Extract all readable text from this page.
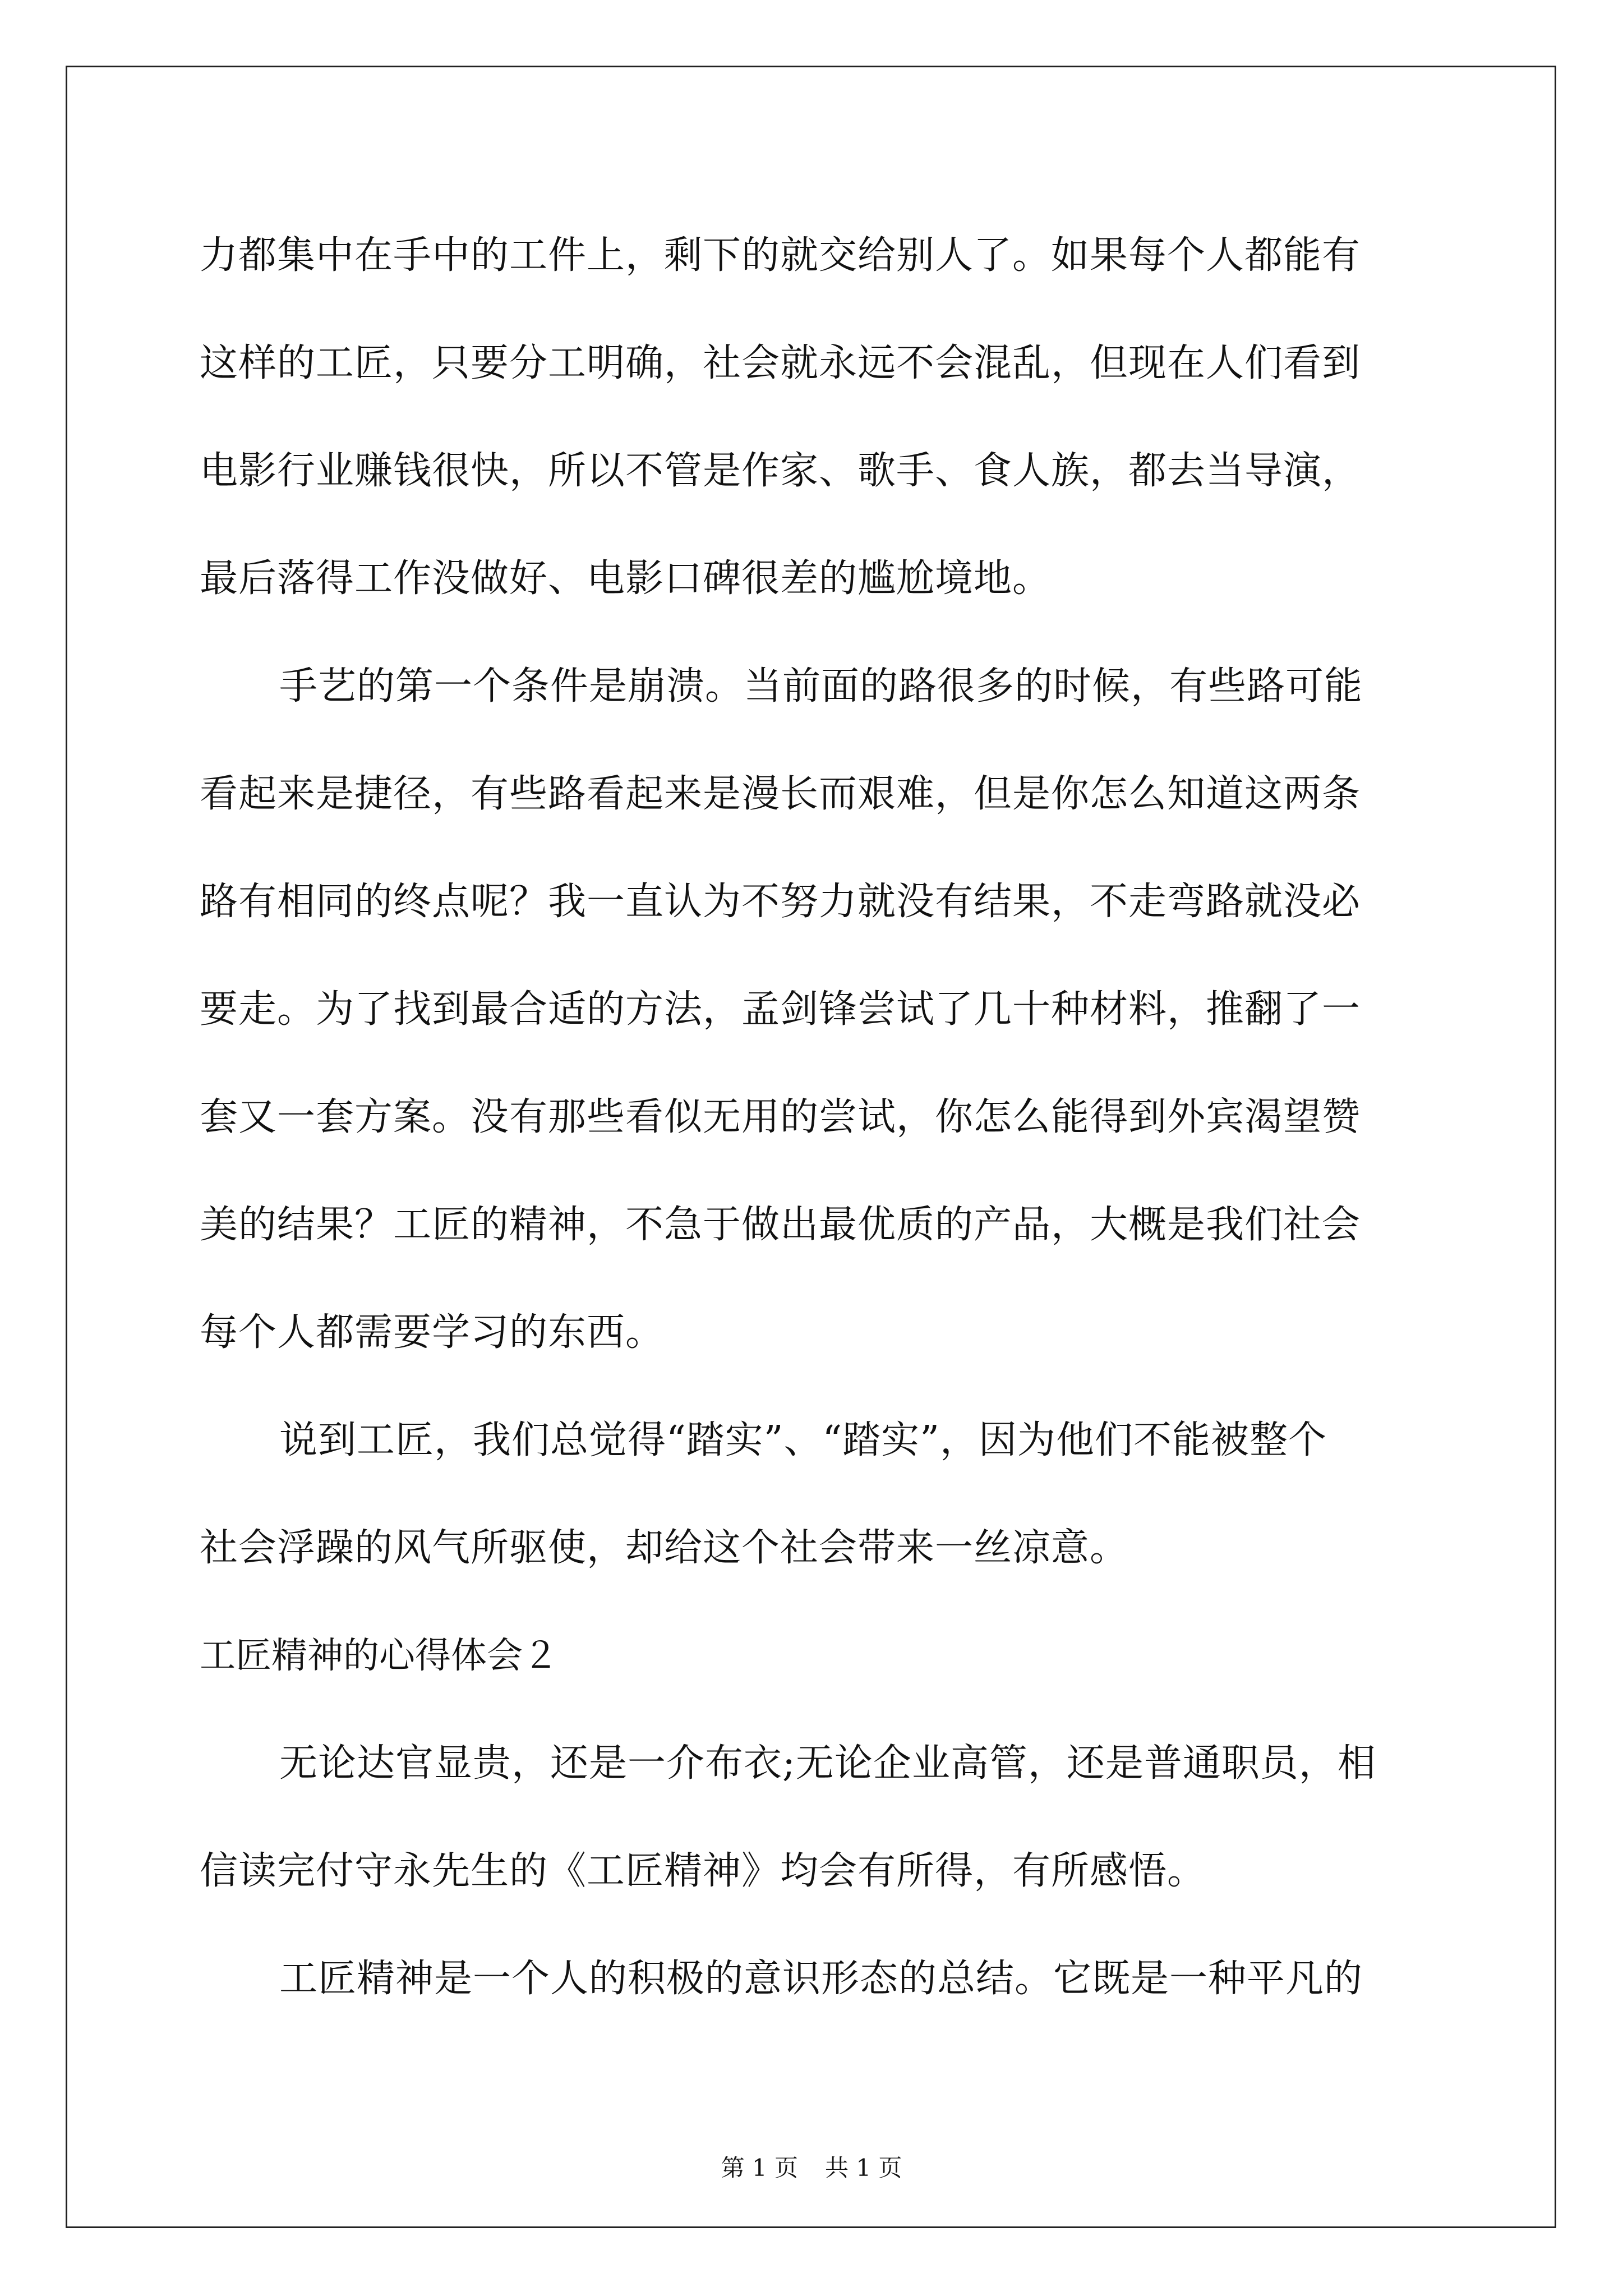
力都集中在手中的工件上，剩下的就交给别人了。如果每个人都能有
这样的工匠，只要分工明确，社会就永远不会混乱，但现在人们看到
电影行业赚钱很快，所以不管是作家、歌手、食人族，都去当导演，
最后落得工作没做好、电影口碑很差的尴尬境地。
手艺的第一个条件是崩溃。当前面的路很多的时候，有些路可能
看起来是捷径，有些路看起来是漫长而艰难，但是你怎么知道这两条
路有相同的终点呢？我一直认为不努力就没有结果，不走弯路就没必
要走。为了找到最合适的方法，孟剑锋尝试了几十种材料，推翻了一
套又一套方案。没有那些看似无用的尝试，你怎么能得到外宾渴望赞
美的结果？工匠的精神，不急于做出最优质的产品，大概是我们社会
每个人都需要学习的东西。
说到工匠，我们总觉得“踏实”、“踏实”，因为他们不能被整个
社会浮躁的风气所驱使，却给这个社会带来一丝凉意。
工匠精神的心得体会２
无论达官显贵，还是一介布衣;无论企业高管，还是普通职员，相
信读完付守永先生的《工匠精神》均会有所得，有所感悟。
工匠精神是一个人的积极的意识形态的总结。它既是一种平凡的
第 1 页 共 1 页
